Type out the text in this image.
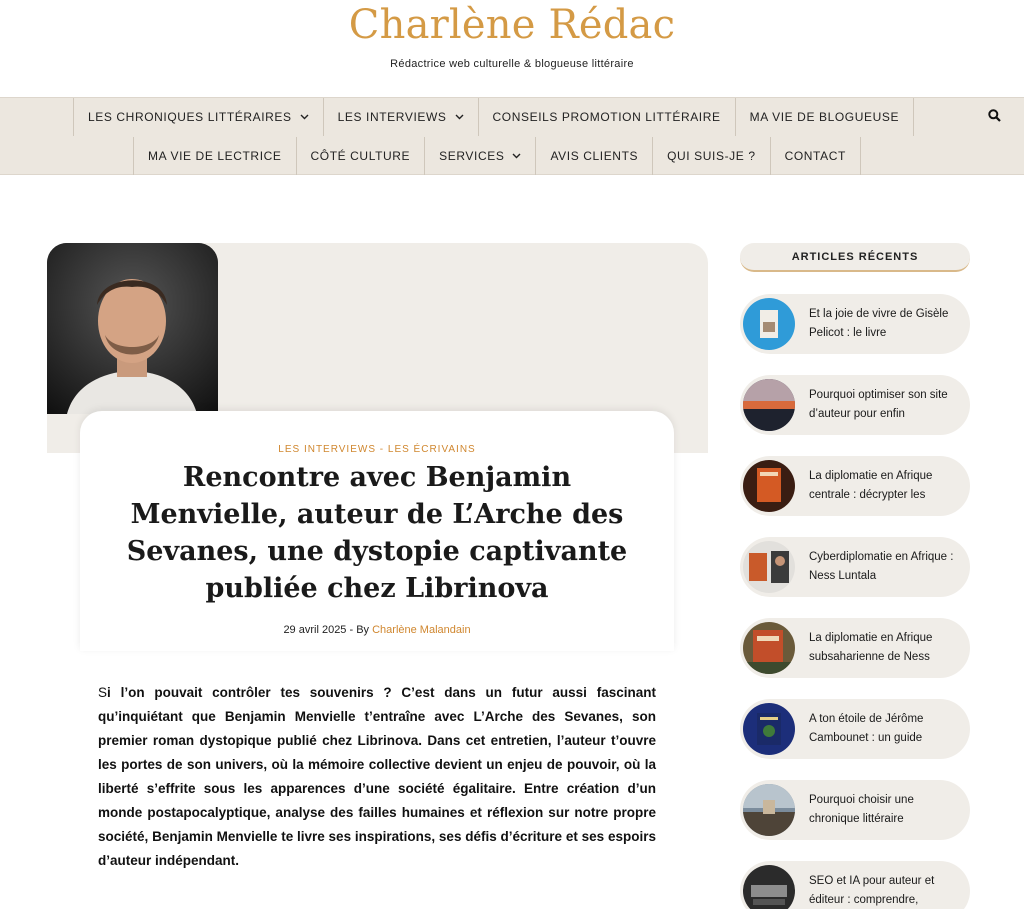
Charlène Rédac
Rédactrice web culturelle & blogueuse littéraire
LES CHRONIQUES LITTÉRAIRES	LES INTERVIEWS	CONSEILS PROMOTION LITTÉRAIRE MA VIE DE BLOGUEUSE
MA VIE DE LECTRICE CÔTÉ CULTURE SERVICES	AVIS CLIENTS QUI SUIS-JE ? CONTACT
LES INTERVIEWS - LES ÉCRIVAINS
Rencontre avec Benjamin Menvielle, auteur de L’Arche des Sevanes, une dystopie captivante publiée chez Librinova
29 avril 2025 - By Charlène Malandain
Si l’on pouvait contrôler tes souvenirs ? C’est dans un futur aussi fascinant qu’inquiétant que Benjamin Menvielle t’entraîne avec L’Arche des Sevanes, son premier roman dystopique publié chez Librinova. Dans cet entretien, l’auteur t’ouvre les portes de son univers, où la mémoire collective devient un enjeu de pouvoir, où la liberté s’effrite sous les apparences d’une société égalitaire. Entre création d’un monde postapocalyptique, analyse des failles humaines et réflexion sur notre propre société, Benjamin Menvielle te livre ses inspirations, ses défis d’écriture et ses espoirs d’auteur indépendant.
ARTICLES RÉCENTS
Et la joie de vivre de Gisèle Pelicot : le livre
Pourquoi optimiser son site d’auteur pour enfin
La diplomatie en Afrique centrale : décrypter les
Cyberdiplomatie en Afrique : Ness Luntala
La diplomatie en Afrique subsaharienne de Ness
A ton étoile de Jérôme Cambounet : un guide
Pourquoi choisir une chronique littéraire
SEO et IA pour auteur et éditeur : comprendre,
